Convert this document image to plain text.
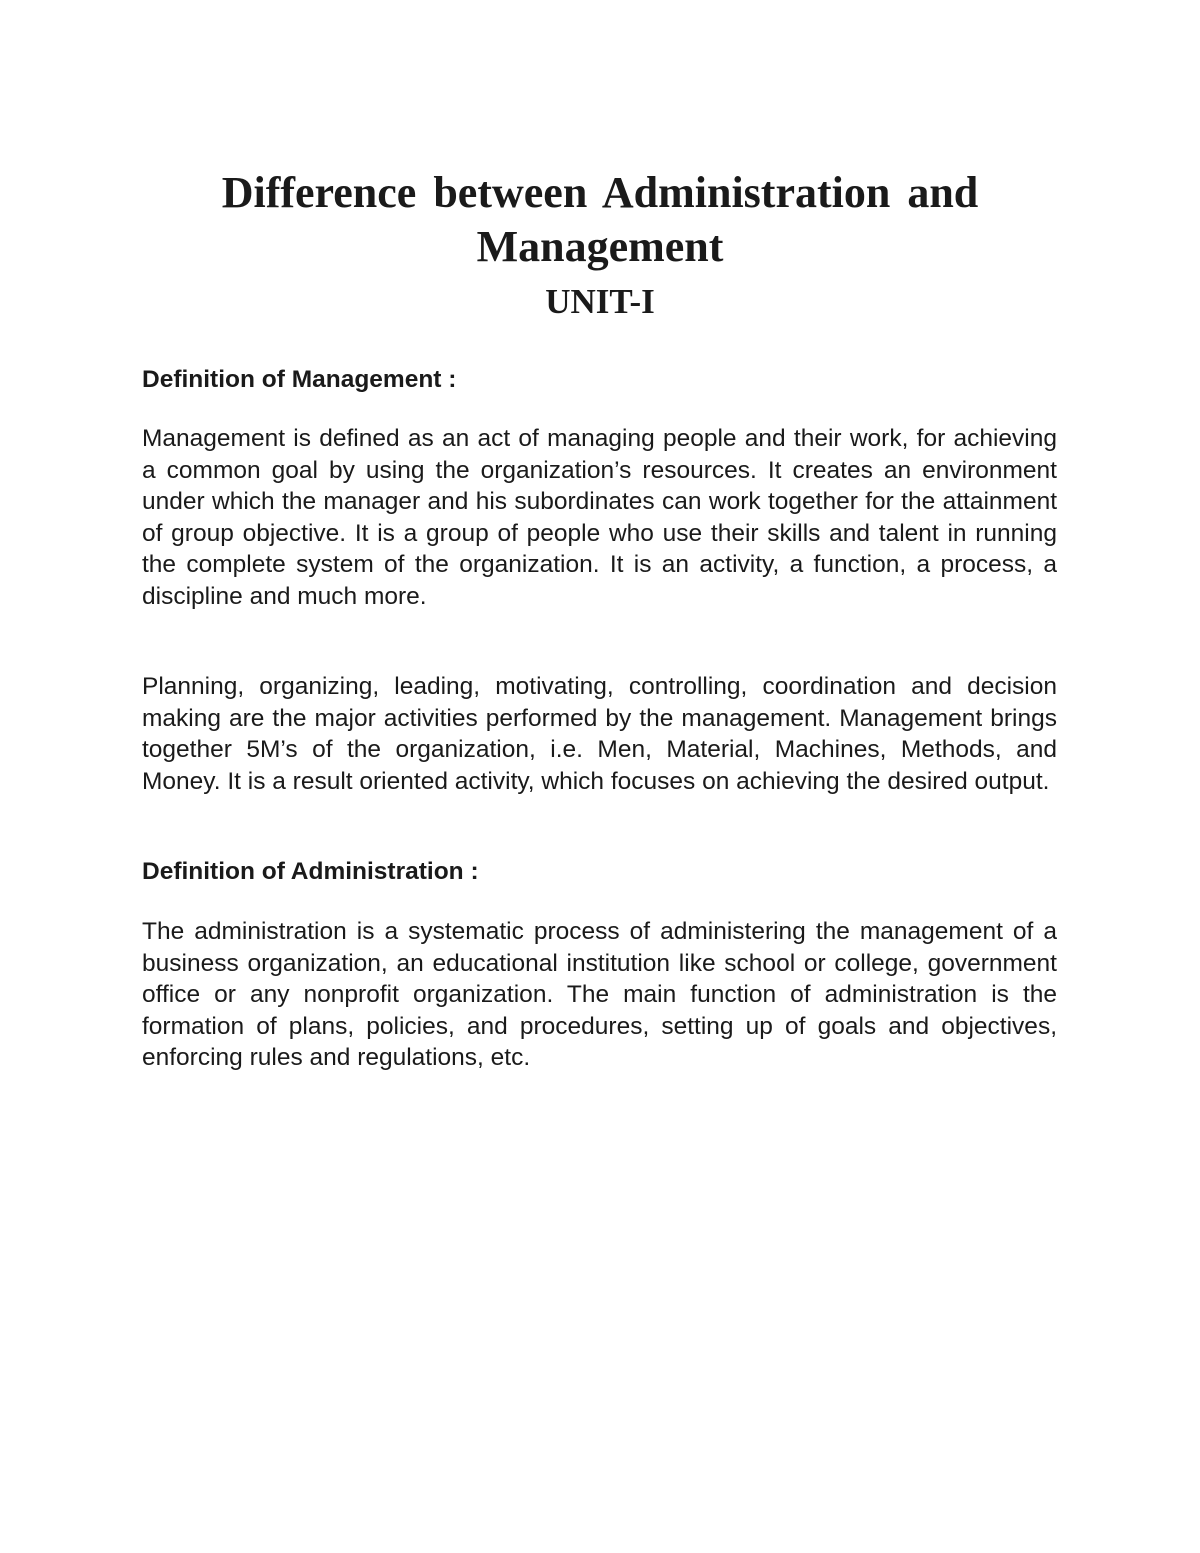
Difference between Administration and Management
UNIT-I

Definition of Management :

Management is defined as an act of managing people and their work, for achieving a common goal by using the organization’s resources. It creates an environment under which the manager and his subordinates can work together for the attainment of group objective. It is a group of people who use their skills and talent in running the complete system of the organization. It is an activity, a function, a process, a discipline and much more.

Planning, organizing, leading, motivating, controlling, coordination and decision making are the major activities performed by the management. Management brings together 5M’s of the organization, i.e. Men, Material, Machines, Methods, and Money. It is a result oriented activity, which focuses on achieving the desired output.

Definition of Administration :

The administration is a systematic process of administering the management of a business organization, an educational institution like school or college, government office or any nonprofit organization. The main function of administration is the formation of plans, policies, and procedures, setting up of goals and objectives, enforcing rules and regulations, etc.
